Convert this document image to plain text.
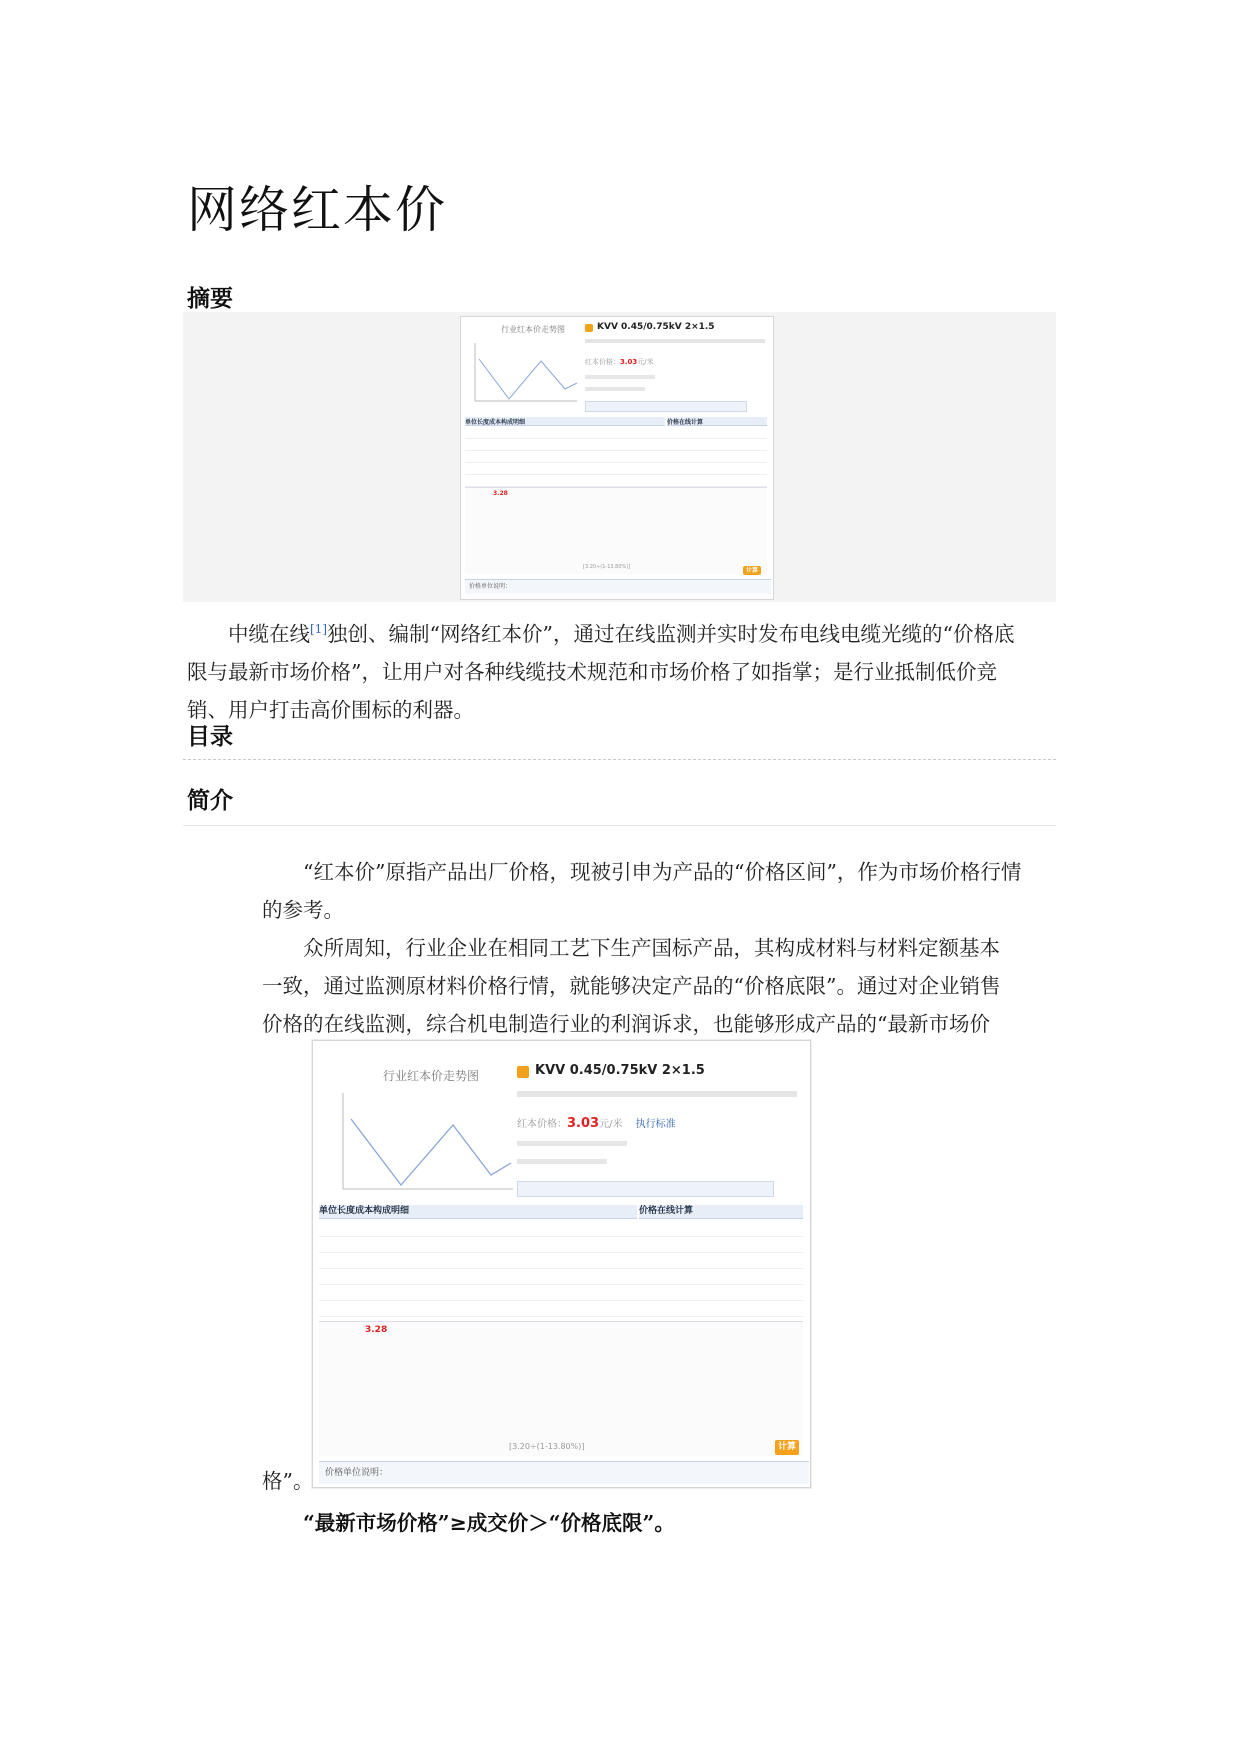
网络红本价
摘要
行业红本价走势图	KVV 0.45/0.75kV 2×1.5
红本价格：3.03元/米
单位长度成本构成明细	价格在线计算
3.28
[3.20÷(1-13.80%)]	计算
价格单位说明：
中缆在线[1]独创、编制“网络红本价”，通过在线监测并实时发布电线电缆光缆的“价格底
限与最新市场价格”，让用户对各种线缆技术规范和市场价格了如指掌；是行业抵制低价竞
销、用户打击高价围标的利器。
目录
简介
“红本价”原指产品出厂价格，现被引申为产品的“价格区间”，作为市场价格行情
的参考。
众所周知，行业企业在相同工艺下生产国标产品，其构成材料与材料定额基本
一致，通过监测原材料价格行情，就能够决定产品的“价格底限”。通过对企业销售
价格的在线监测，综合机电制造行业的利润诉求，也能够形成产品的“最新市场价
行业红本价走势图	KVV 0.45/0.75kV 2×1.5
红本价格：3.03元/米 执行标准
单位长度成本构成明细	价格在线计算
3.28
[3.20÷(1-13.80%)]	计算
价格单位说明：
格”。
“最新市场价格”≥成交价＞“价格底限”。
